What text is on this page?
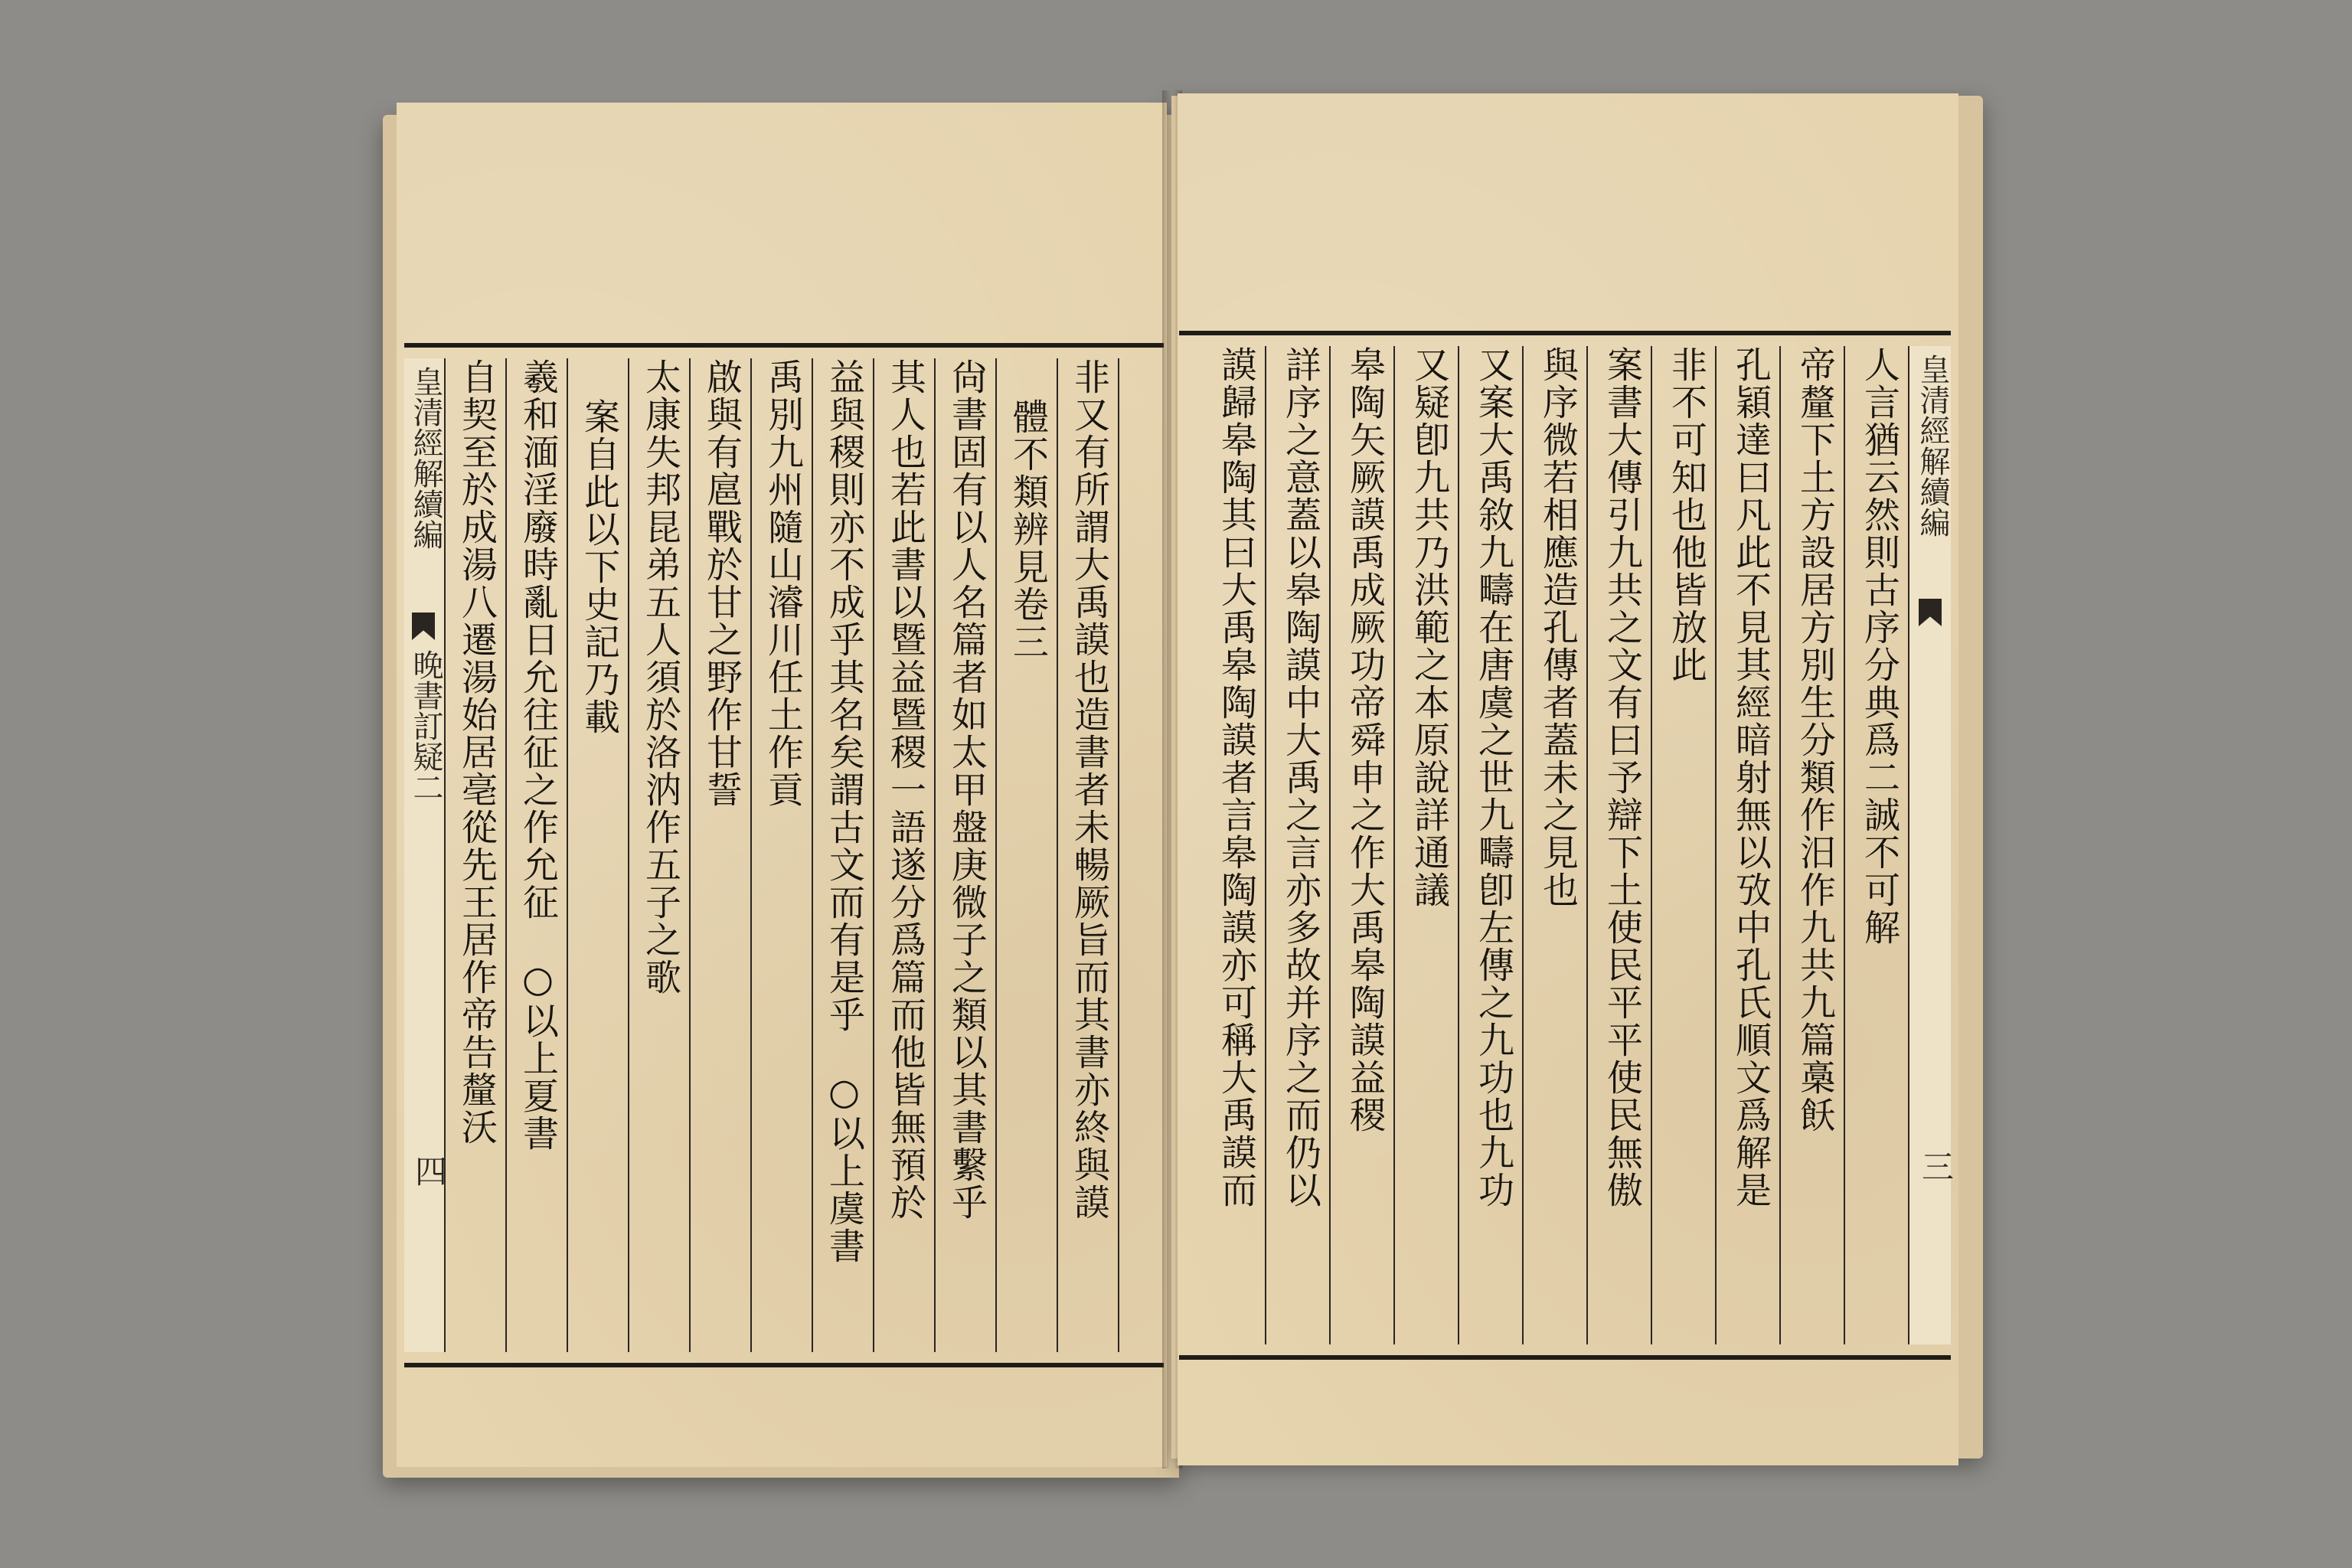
非又有所謂大禹謨也造書者未暢厥旨而其書亦終與謨
體不類辨見卷三
尙書固有以人名篇者如太甲盤庚微子之類以其書繫乎
其人也若此書以暨益暨稷一語遂分爲篇而他皆無預於
益與稷則亦不成乎其名矣謂古文而有是乎　○以上虞書
禹別九州隨山濬川任土作貢
啟與有扈戰於甘之野作甘誓
太康失邦昆弟五人須於洛汭作五子之歌
案自此以下史記乃載
羲和湎淫廢時亂日允往征之作允征　○以上夏書
自契至於成湯八遷湯始居亳從先王居作帝告釐沃
皇清經解續編
晚書訂疑二
四
皇清經解續編
三
人言猶云然則古序分典爲二誠不可解
帝釐下土方設居方別生分類作汨作九共九篇槀飫
孔穎達曰凡此不見其經暗射無以攷中孔氏順文爲解是
非不可知也他皆放此
案書大傳引九共之文有曰予辯下土使民平平使民無傲
與序微若相應造孔傳者蓋未之見也
又案大禹敘九疇在唐虞之世九疇卽左傳之九功也九功
又疑卽九共乃洪範之本原說詳通議
皋陶矢厥謨禹成厥功帝舜申之作大禹皋陶謨益稷
詳序之意蓋以皋陶謨中大禹之言亦多故并序之而仍以
謨歸皋陶其曰大禹皋陶謨者言皋陶謨亦可稱大禹謨而
